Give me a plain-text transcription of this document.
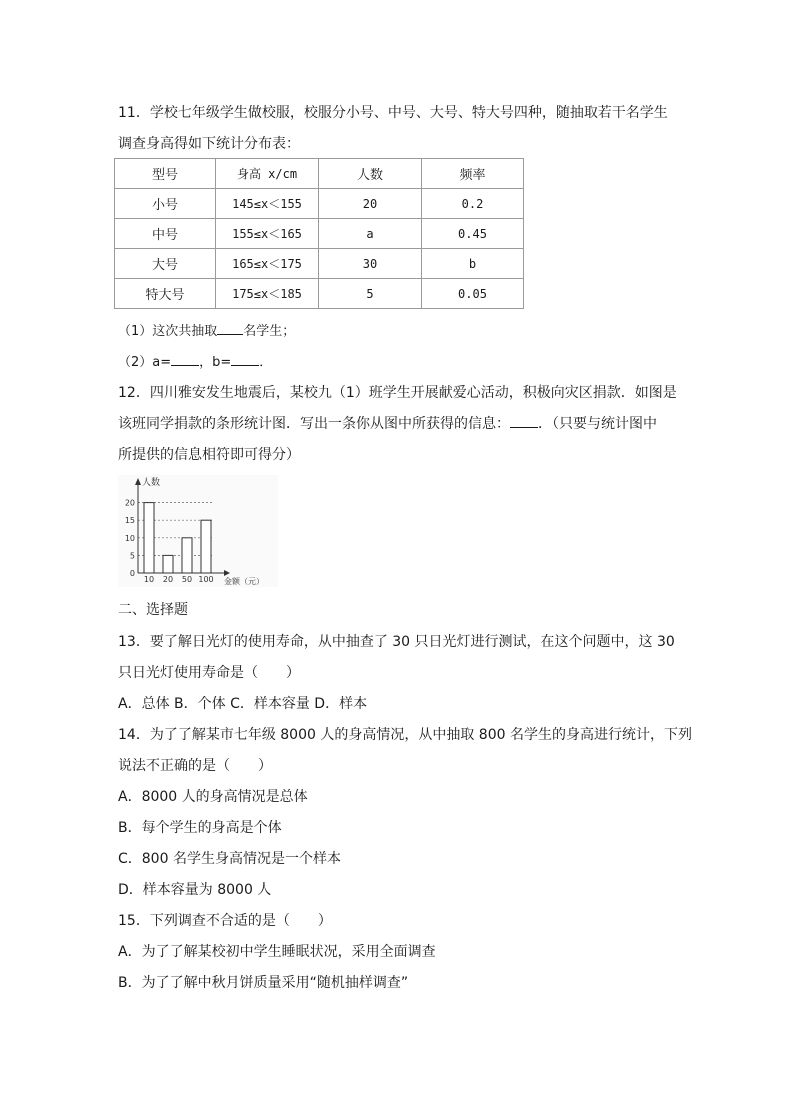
11．学校七年级学生做校服，校服分小号、中号、大号、特大号四种，随抽取若干名学生
调查身高得如下统计分布表：
型号	身高 x/cm	人数	频率
小号	145≤x＜155	20	0.2
中号	155≤x＜165	a	0.45
大号	165≤x＜175	30	b
特大号	175≤x＜185	5	0.05
（1）这次共抽取 名学生；
（2）a= ，b= ．
12．四川雅安发生地震后，某校九（1）班学生开展献爱心活动，积极向灾区捐款．如图是
该班同学捐款的条形统计图．写出一条你从图中所获得的信息： ．（只要与统计图中
所提供的信息相符即可得分）
0
5
10
15
20
10 20 50 100
人数
金额（元）
二、选择题
13．要了解日光灯的使用寿命，从中抽查了 30 只日光灯进行测试，在这个问题中，这 30
只日光灯使用寿命是（　　）
A．总体 B．个体 C．样本容量 D．样本
14．为了了解某市七年级 8000 人的身高情况，从中抽取 800 名学生的身高进行统计，下列
说法不正确的是（　　）
A．8000 人的身高情况是总体
B．每个学生的身高是个体
C．800 名学生身高情况是一个样本
D．样本容量为 8000 人
15．下列调查不合适的是（　　）
A．为了了解某校初中学生睡眠状况，采用全面调查
B．为了了解中秋月饼质量采用“随机抽样调查”
